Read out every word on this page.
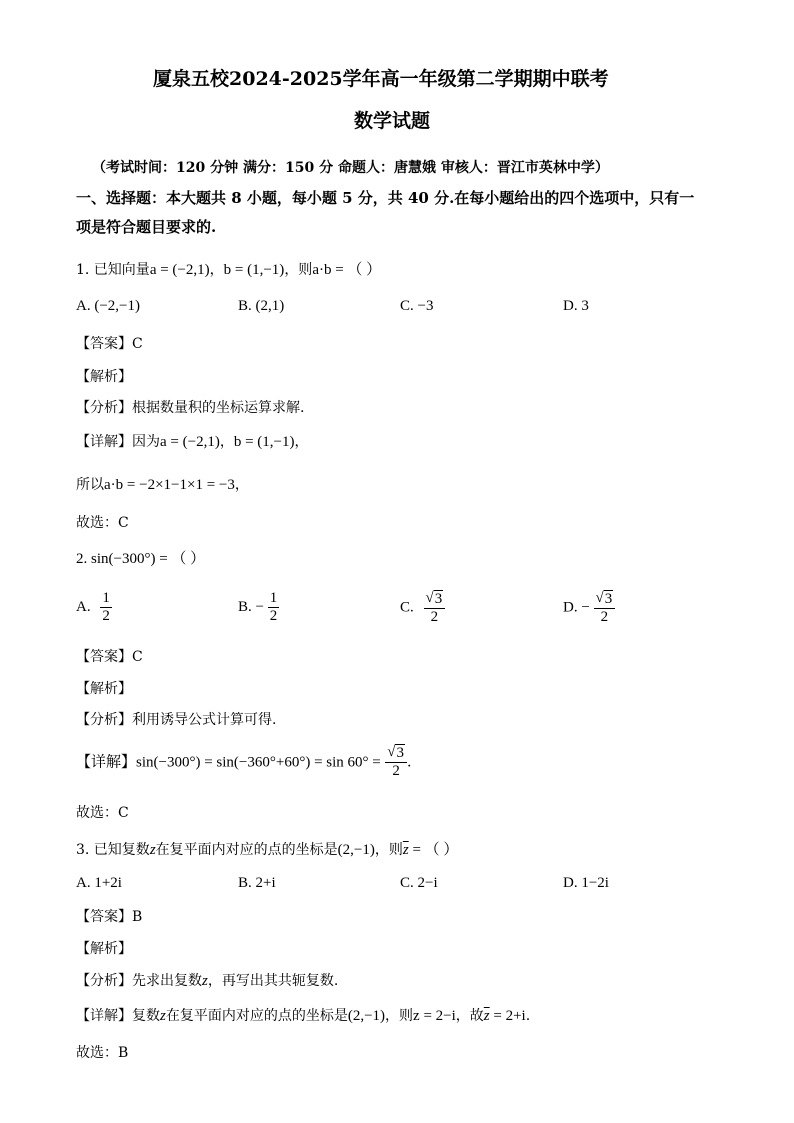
厦泉五校2024-2025学年高一年级第二学期期中联考
数学试题
（考试时间：120 分钟 满分：150 分 命题人：唐慧娥 审核人：晋江市英林中学）
一、选择题：本大题共 8 小题，每小题 5 分，共 40 分.在每小题给出的四个选项中，只有一
项是符合题目要求的.
1. 已知向量a = (−2,1)，b = (1,−1)，则a·b = （ ）
A. (−2,−1)	B. (2,1)	C. −3	D. 3
【答案】C
【解析】
【分析】根据数量积的坐标运算求解.
【详解】因为a = (−2,1)，b = (1,−1)，
所以a·b = −2×1−1×1 = −3，
故选：C
2. sin(−300°) = （ ）
A. $\frac{1}{2}$	B. − $\frac{1}{2}$	C. $\frac{√ 3}{2}$	D. − $\frac{√ 3}{2}$
【答案】C
【解析】
【分析】利用诱导公式计算可得.
【详解】$\sin(-300^\circ) = \sin(-360^\circ+60^\circ) = \sin 60^\circ = \frac{√ 3}{2}$ .
故选：C
3. 已知复数z在复平面内对应的点的坐标是(2,−1)，则$\overline{z}$ = （ ）
A. 1+2i	B. 2+i	C. 2−i	D. 1−2i
【答案】B
【解析】
【分析】先求出复数z，再写出其共轭复数.
【详解】复数z在复平面内对应的点的坐标是(2,−1)，则z = 2−i，故$\overline{z} = 2+i$.
故选：B
